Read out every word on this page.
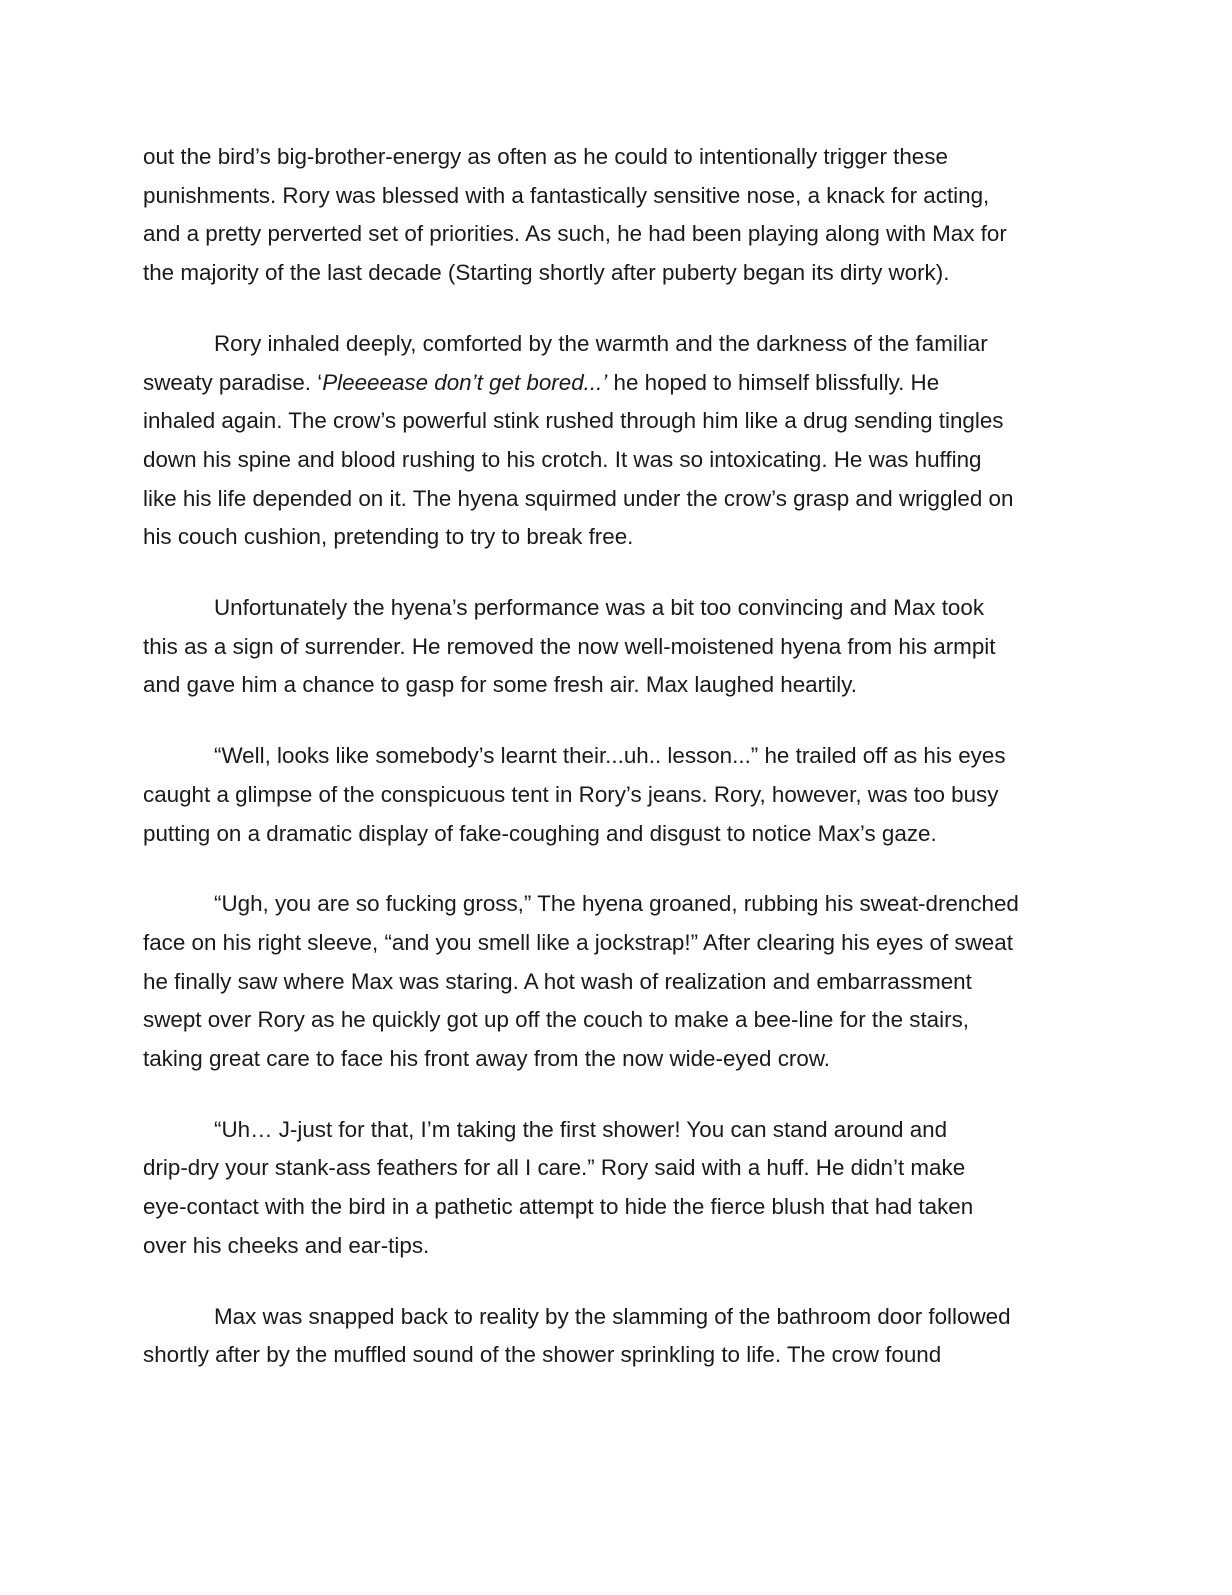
out the bird’s big-brother-energy as often as he could to intentionally trigger these
punishments. Rory was blessed with a fantastically sensitive nose, a knack for acting,
and a pretty perverted set of priorities. As such, he had been playing along with Max for
the majority of the last decade (Starting shortly after puberty began its dirty work).

Rory inhaled deeply, comforted by the warmth and the darkness of the familiar
sweaty paradise. ‘Pleeeease don’t get bored...’ he hoped to himself blissfully. He
inhaled again. The crow’s powerful stink rushed through him like a drug sending tingles
down his spine and blood rushing to his crotch. It was so intoxicating. He was huffing
like his life depended on it. The hyena squirmed under the crow’s grasp and wriggled on
his couch cushion, pretending to try to break free.

Unfortunately the hyena’s performance was a bit too convincing and Max took
this as a sign of surrender. He removed the now well-moistened hyena from his armpit
and gave him a chance to gasp for some fresh air. Max laughed heartily.

“Well, looks like somebody’s learnt their...uh.. lesson...” he trailed off as his eyes
caught a glimpse of the conspicuous tent in Rory’s jeans. Rory, however, was too busy
putting on a dramatic display of fake-coughing and disgust to notice Max’s gaze.

“Ugh, you are so fucking gross,” The hyena groaned, rubbing his sweat-drenched
face on his right sleeve, “and you smell like a jockstrap!” After clearing his eyes of sweat
he finally saw where Max was staring. A hot wash of realization and embarrassment
swept over Rory as he quickly got up off the couch to make a bee-line for the stairs,
taking great care to face his front away from the now wide-eyed crow.

“Uh… J-just for that, I’m taking the first shower! You can stand around and
drip-dry your stank-ass feathers for all I care.” Rory said with a huff. He didn’t make
eye-contact with the bird in a pathetic attempt to hide the fierce blush that had taken
over his cheeks and ear-tips.

Max was snapped back to reality by the slamming of the bathroom door followed
shortly after by the muffled sound of the shower sprinkling to life. The crow found
